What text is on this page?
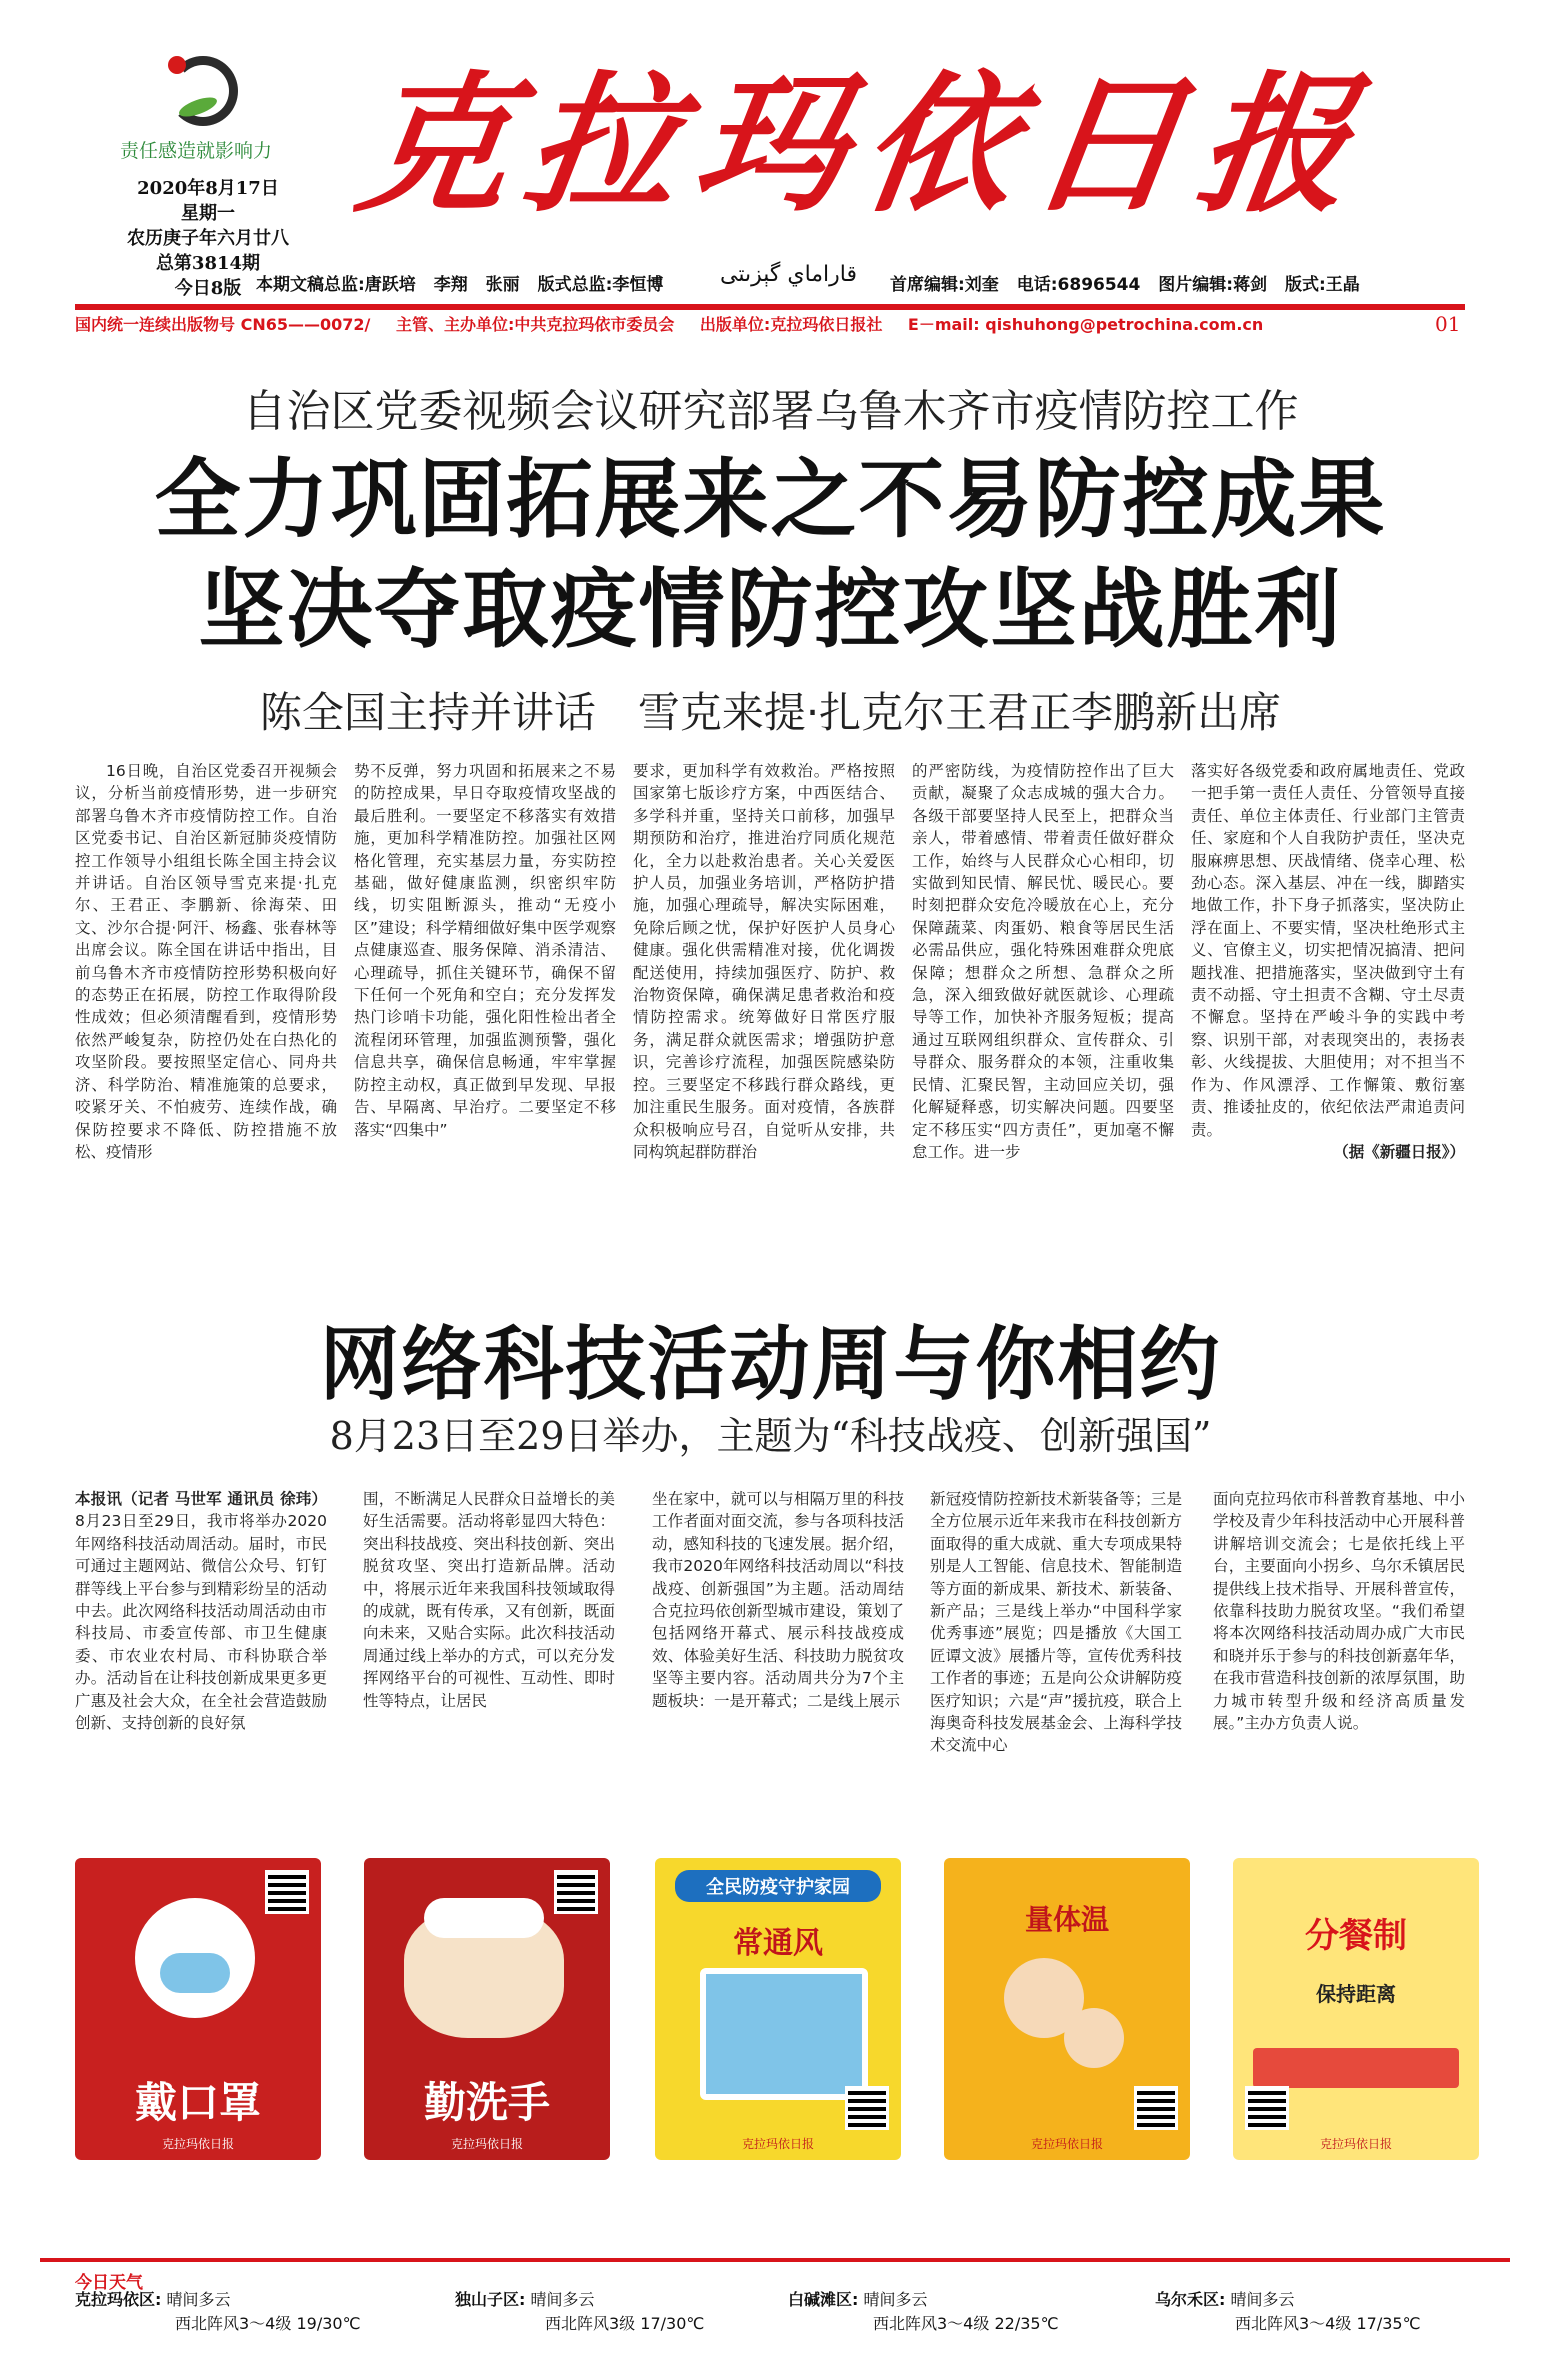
责任感造就影响力
2020年8月17日
星期一
农历庚子年六月廿八
总第3814期
今日8版
克拉玛依日报
本期文稿总监:唐跃培 李翔 张丽 版式总监:李恒博	قاراماي گېزىتى 首席编辑:刘奎 电话:6896544 图片编辑:蒋剑 版式:王晶
国内统一连续出版物号 CN65——0072/ 主管、主办单位:中共克拉玛依市委员会 出版单位:克拉玛依日报社 E－mail: qishuhong@petrochina.com.cn	01
自治区党委视频会议研究部署乌鲁木齐市疫情防控工作
全力巩固拓展来之不易防控成果
坚决夺取疫情防控攻坚战胜利
陈全国主持并讲话　雪克来提·扎克尔王君正李鹏新出席

16日晚，自治区党委召开视频会议，分析当前疫情形势，进一步研究部署乌鲁木齐市疫情防控工作。自治区党委书记、自治区新冠肺炎疫情防控工作领导小组组长陈全国主持会议并讲话。自治区领导雪克来提·扎克尔、王君正、李鹏新、徐海荣、田文、沙尔合提·阿汗、杨鑫、张春林等出席会议。陈全国在讲话中指出，目前乌鲁木齐市疫情防控形势积极向好的态势正在拓展，防控工作取得阶段性成效；但必须清醒看到，疫情形势依然严峻复杂，防控仍处在白热化的攻坚阶段。要按照坚定信心、同舟共济、科学防治、精准施策的总要求，咬紧牙关、不怕疲劳、连续作战，确保防控要求不降低、防控措施不放松、疫情形

势不反弹，努力巩固和拓展来之不易的防控成果，早日夺取疫情攻坚战的最后胜利。一要坚定不移落实有效措施，更加科学精准防控。加强社区网格化管理，充实基层力量，夯实防控基础，做好健康监测，织密织牢防线，切实阻断源头，推动“无疫小区”建设；科学精细做好集中医学观察点健康巡查、服务保障、消杀清洁、心理疏导，抓住关键环节，确保不留下任何一个死角和空白；充分发挥发热门诊哨卡功能，强化阳性检出者全流程闭环管理，加强监测预警，强化信息共享，确保信息畅通，牢牢掌握防控主动权，真正做到早发现、早报告、早隔离、早治疗。二要坚定不移落实“四集中”

要求，更加科学有效救治。严格按照国家第七版诊疗方案，中西医结合、多学科并重，坚持关口前移，加强早期预防和治疗，推进治疗同质化规范化，全力以赴救治患者。关心关爱医护人员，加强业务培训，严格防护措施，加强心理疏导，解决实际困难，免除后顾之忧，保护好医护人员身心健康。强化供需精准对接，优化调拨配送使用，持续加强医疗、防护、救治物资保障，确保满足患者救治和疫情防控需求。统筹做好日常医疗服务，满足群众就医需求；增强防护意识，完善诊疗流程，加强医院感染防控。三要坚定不移践行群众路线，更加注重民生服务。面对疫情，各族群众积极响应号召，自觉听从安排，共同构筑起群防群治

的严密防线，为疫情防控作出了巨大贡献，凝聚了众志成城的强大合力。各级干部要坚持人民至上，把群众当亲人，带着感情、带着责任做好群众工作，始终与人民群众心心相印，切实做到知民情、解民忧、暖民心。要时刻把群众安危冷暖放在心上，充分保障蔬菜、肉蛋奶、粮食等居民生活必需品供应，强化特殊困难群众兜底保障；想群众之所想、急群众之所急，深入细致做好就医就诊、心理疏导等工作，加快补齐服务短板；提高通过互联网组织群众、宣传群众、引导群众、服务群众的本领，注重收集民情、汇聚民智，主动回应关切，强化解疑释惑，切实解决问题。四要坚定不移压实“四方责任”，更加毫不懈怠工作。进一步

落实好各级党委和政府属地责任、党政一把手第一责任人责任、分管领导直接责任、单位主体责任、行业部门主管责任、家庭和个人自我防护责任，坚决克服麻痹思想、厌战情绪、侥幸心理、松劲心态。深入基层、冲在一线，脚踏实地做工作，扑下身子抓落实，坚决防止浮在面上、不要实情，坚决杜绝形式主义、官僚主义，切实把情况搞清、把问题找准、把措施落实，坚决做到守土有责不动摇、守土担责不含糊、守土尽责不懈怠。坚持在严峻斗争的实践中考察、识别干部，对表现突出的，表扬表彰、火线提拔、大胆使用；对不担当不作为、作风漂浮、工作懈策、敷衍塞责、推诿扯皮的，依纪依法严肃追责问责。

（据《新疆日报》）

网络科技活动周与你相约
8月23日至29日举办，主题为“科技战疫、创新强国”

本报讯（记者 马世军 通讯员 徐玮）8月23日至29日，我市将举办2020年网络科技活动周活动。届时，市民可通过主题网站、微信公众号、钉钉群等线上平台参与到精彩纷呈的活动中去。此次网络科技活动周活动由市科技局、市委宣传部、市卫生健康委、市农业农村局、市科协联合举办。活动旨在让科技创新成果更多更广惠及社会大众，在全社会营造鼓励创新、支持创新的良好氛

围，不断满足人民群众日益增长的美好生活需要。活动将彰显四大特色：突出科技战疫、突出科技创新、突出脱贫攻坚、突出打造新品牌。活动中，将展示近年来我国科技领域取得的成就，既有传承，又有创新，既面向未来，又贴合实际。此次科技活动周通过线上举办的方式，可以充分发挥网络平台的可视性、互动性、即时性等特点，让居民

坐在家中，就可以与相隔万里的科技工作者面对面交流，参与各项科技活动，感知科技的飞速发展。据介绍，我市2020年网络科技活动周以“科技战疫、创新强国”为主题。活动周结合克拉玛依创新型城市建设，策划了包括网络开幕式、展示科技战疫成效、体验美好生活、科技助力脱贫攻坚等主要内容。活动周共分为7个主题板块：一是开幕式；二是线上展示

新冠疫情防控新技术新装备等；三是全方位展示近年来我市在科技创新方面取得的重大成就、重大专项成果特别是人工智能、信息技术、智能制造等方面的新成果、新技术、新装备、新产品；三是线上举办“中国科学家优秀事迹”展览；四是播放《大国工匠谭文波》展播片等，宣传优秀科技工作者的事迹；五是向公众讲解防疫医疗知识；六是“声”援抗疫，联合上海奥奇科技发展基金会、上海科学技术交流中心

面向克拉玛依市科普教育基地、中小学校及青少年科技活动中心开展科普讲解培训交流会；七是依托线上平台，主要面向小拐乡、乌尔禾镇居民提供线上技术指导、开展科普宣传，依靠科技助力脱贫攻坚。“我们希望将本次网络科技活动周办成广大市民和晓并乐于参与的科技创新嘉年华，在我市营造科技创新的浓厚氛围，助力城市转型升级和经济高质量发展。”主办方负责人说。

戴口罩
克拉玛依日报
勤洗手
克拉玛依日报
全民防疫守护家园
常通风
克拉玛依日报
量体温
克拉玛依日报
分餐制
保持距离
克拉玛依日报
今日天气
克拉玛依区: 晴间多云
西北阵风3～4级 19/30℃
独山子区: 晴间多云
西北阵风3级 17/30℃
白碱滩区: 晴间多云
西北阵风3～4级 22/35℃
乌尔禾区: 晴间多云
西北阵风3～4级 17/35℃
